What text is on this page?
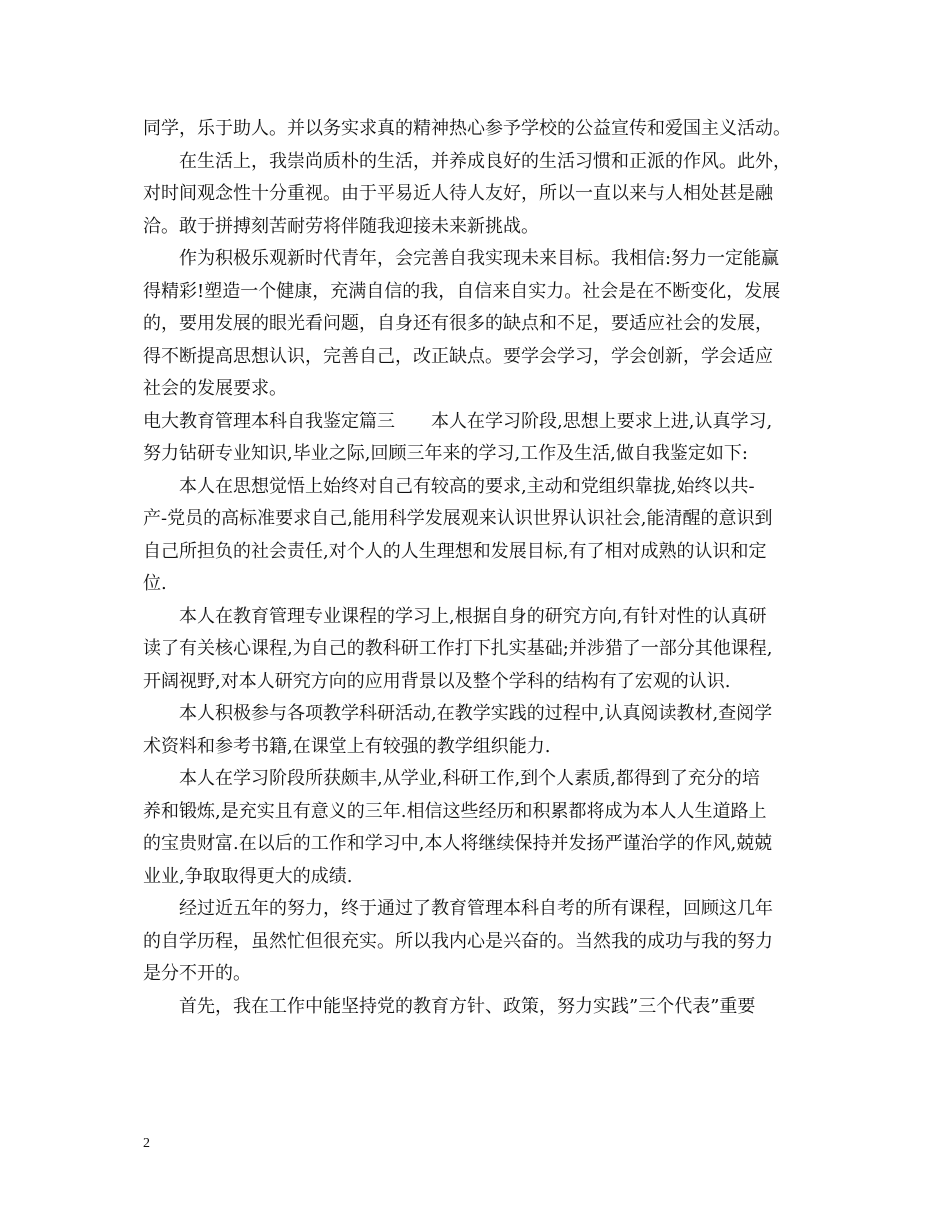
同学，乐于助人。并以务实求真的精神热心参予学校的公益宣传和爱国主义活动。
在生活上，我崇尚质朴的生活，并养成良好的生活习惯和正派的作风。此外，
对时间观念性十分重视。由于平易近人待人友好，所以一直以来与人相处甚是融
洽。敢于拼搏刻苦耐劳将伴随我迎接未来新挑战。
作为积极乐观新时代青年，会完善自我实现未来目标。我相信:努力一定能赢
得精彩!塑造一个健康，充满自信的我，自信来自实力。社会是在不断变化，发展
的，要用发展的眼光看问题，自身还有很多的缺点和不足，要适应社会的发展，
得不断提高思想认识，完善自己，改正缺点。要学会学习，学会创新，学会适应
社会的发展要求。
电大教育管理本科自我鉴定篇三　　本人在学习阶段,思想上要求上进,认真学习,
努力钻研专业知识,毕业之际,回顾三年来的学习,工作及生活,做自我鉴定如下:
本人在思想觉悟上始终对自己有较高的要求,主动和党组织靠拢,始终以共-
产-党员的高标准要求自己,能用科学发展观来认识世界认识社会,能清醒的意识到
自己所担负的社会责任,对个人的人生理想和发展目标,有了相对成熟的认识和定
位.
本人在教育管理专业课程的学习上,根据自身的研究方向,有针对性的认真研
读了有关核心课程,为自己的教科研工作打下扎实基础;并涉猎了一部分其他课程,
开阔视野,对本人研究方向的应用背景以及整个学科的结构有了宏观的认识.
本人积极参与各项教学科研活动,在教学实践的过程中,认真阅读教材,查阅学
术资料和参考书籍,在课堂上有较强的教学组织能力.
本人在学习阶段所获颇丰,从学业,科研工作,到个人素质,都得到了充分的培
养和锻炼,是充实且有意义的三年.相信这些经历和积累都将成为本人人生道路上
的宝贵财富.在以后的工作和学习中,本人将继续保持并发扬严谨治学的作风,兢兢
业业,争取取得更大的成绩.
经过近五年的努力，终于通过了教育管理本科自考的所有课程，回顾这几年
的自学历程，虽然忙但很充实。所以我内心是兴奋的。当然我的成功与我的努力
是分不开的。
首先，我在工作中能坚持党的教育方针、政策，努力实践”三个代表”重要
2
